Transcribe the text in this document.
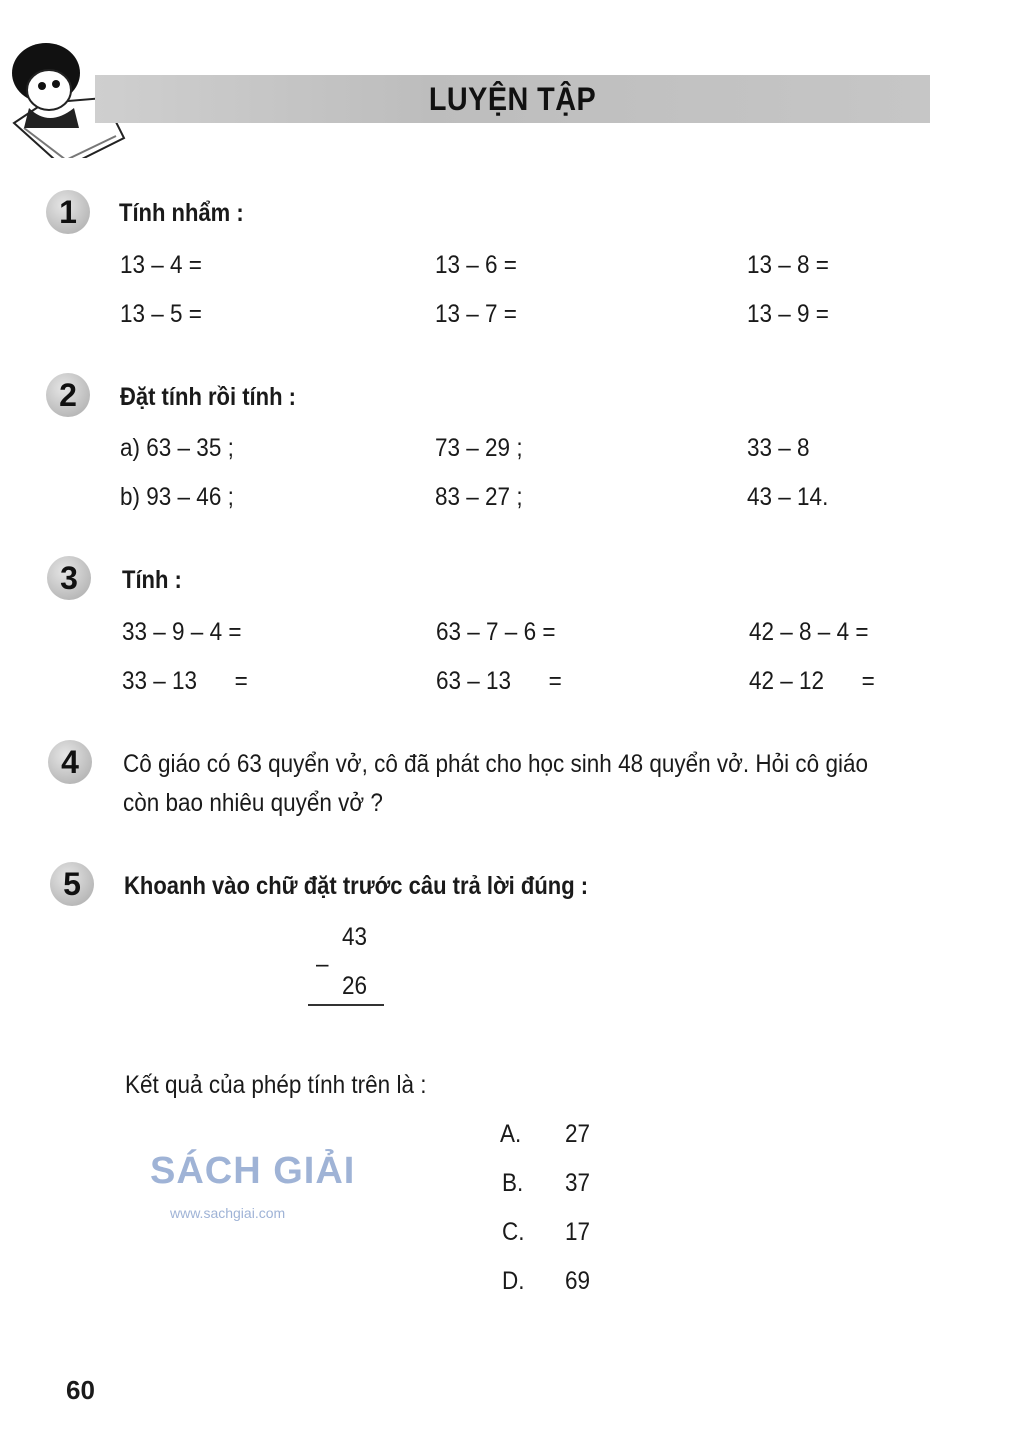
LUYỆN TẬP
1	Tính nhẩm :
13 – 4 =	13 – 6 =	13 – 8 =
13 – 5 =	13 – 7 =	13 – 9 =
2	Đặt tính rồi tính :
a) 63 – 35 ;	73 – 29 ;	33 – 8
b) 93 – 46 ;	83 – 27 ;	43 – 14.
3	Tính :
33 – 9 – 4 =	63 – 7 – 6 =	42 – 8 – 4 =
33 – 13      =	63 – 13      =	42 – 12      =
4	Cô giáo có 63 quyển vở, cô đã phát cho học sinh 48 quyển vở. Hỏi cô giáo
còn bao nhiêu quyển vở ?
5	Khoanh vào chữ đặt trước câu trả lời đúng :
43
–
26
Kết quả của phép tính trên là :
SÁCH GIẢI
www.sachgiai.com
A. 27
B. 37
C. 17
D. 69
60
